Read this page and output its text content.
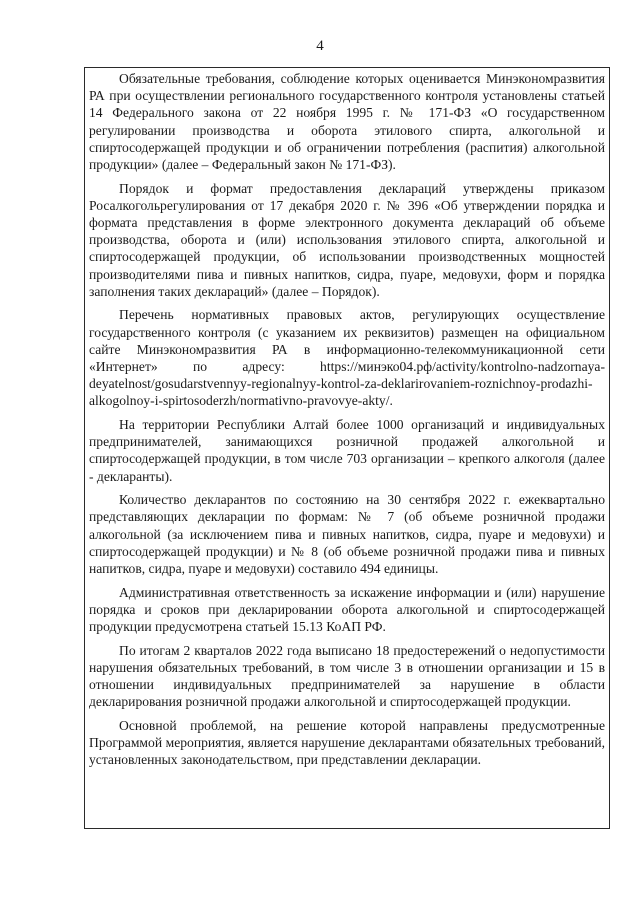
4

Обязательные требования, соблюдение которых оценивается Минэкономразвития РА при осуществлении регионального государственного контроля установлены статьей 14 Федерального закона от 22 ноября 1995 г. № 171-ФЗ «О государственном регулировании производства и оборота этилового спирта, алкогольной и спиртосодержащей продукции и об ограничении потребления (распития) алкогольной продукции» (далее – Федеральный закон № 171-ФЗ).

Порядок и формат предоставления деклараций утверждены приказом Росалкогольрегулирования от 17 декабря 2020 г. № 396 «Об утверждении порядка и формата представления в форме электронного документа деклараций об объеме производства, оборота и (или) использования этилового спирта, алкогольной и спиртосодержащей продукции, об использовании производственных мощностей производителями пива и пивных напитков, сидра, пуаре, медовухи, форм и порядка заполнения таких деклараций» (далее – Порядок).

Перечень нормативных правовых актов, регулирующих осуществление государственного контроля (с указанием их реквизитов) размещен на официальном сайте Минэкономразвития РА в информационно-телекоммуникационной сети «Интернет» по адресу: https://минэко04.рф/activity/kontrolno-nadzornaya-deyatelnost/gosudarstvennyy-regionalnyy-kontrol-za-deklarirovaniem-roznichnoy-prodazhi-alkogolnoy-i-spirtosoderzh/normativno-pravovye-akty/.

На территории Республики Алтай более 1000 организаций и индивидуальных предпринимателей, занимающихся розничной продажей алкогольной и спиртосодержащей продукции, в том числе 703 организации – крепкого алкоголя (далее - декларанты).

Количество декларантов по состоянию на 30 сентября 2022 г. ежеквартально представляющих декларации по формам: № 7 (об объеме розничной продажи алкогольной (за исключением пива и пивных напитков, сидра, пуаре и медовухи) и спиртосодержащей продукции) и № 8 (об объеме розничной продажи пива и пивных напитков, сидра, пуаре и медовухи) составило 494 единицы.

Административная ответственность за искажение информации и (или) нарушение порядка и сроков при декларировании оборота алкогольной и спиртосодержащей продукции предусмотрена статьей 15.13 КоАП РФ.

По итогам 2 кварталов 2022 года выписано 18 предостережений о недопустимости нарушения обязательных требований, в том числе 3 в отношении организации и 15 в отношении индивидуальных предпринимателей за нарушение в области декларирования розничной продажи алкогольной и спиртосодержащей продукции.

Основной проблемой, на решение которой направлены предусмотренные Программой мероприятия, является нарушение декларантами обязательных требований, установленных законодательством, при представлении декларации.
